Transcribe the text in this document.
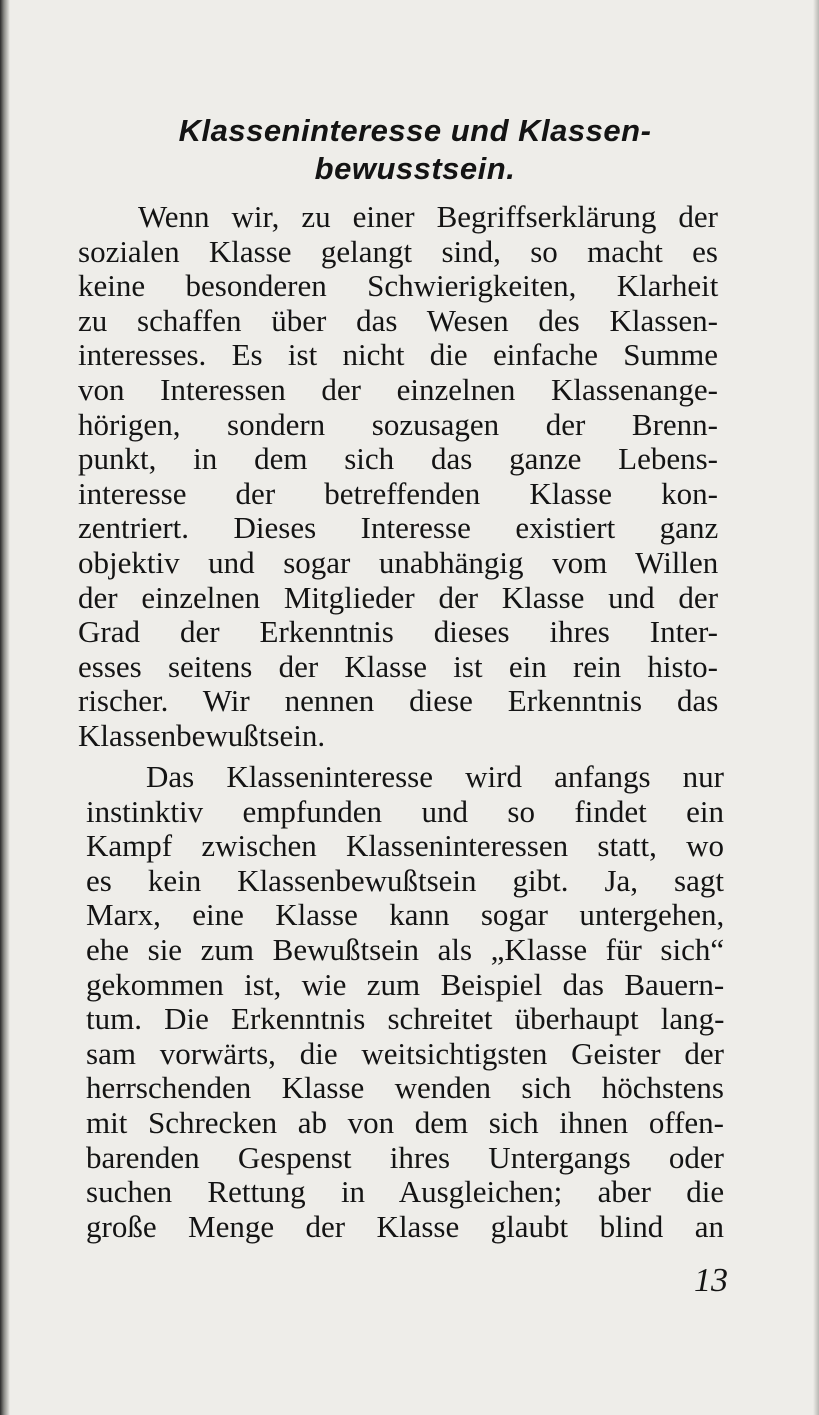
Klasseninteresse und Klassen-
bewusstsein.
Wenn wir, zu einer Begriffserklärung der
sozialen Klasse gelangt sind, so macht es
keine besonderen Schwierigkeiten, Klarheit
zu schaffen über das Wesen des Klassen-
interesses. Es ist nicht die einfache Summe
von Interessen der einzelnen Klassenange-
hörigen, sondern sozusagen der Brenn-
punkt, in dem sich das ganze Lebens-
interesse der betreffenden Klasse kon-
zentriert. Dieses Interesse existiert ganz
objektiv und sogar unabhängig vom Willen
der einzelnen Mitglieder der Klasse und der
Grad der Erkenntnis dieses ihres Inter-
esses seitens der Klasse ist ein rein histo-
rischer. Wir nennen diese Erkenntnis das
Klassenbewußtsein.
Das Klasseninteresse wird anfangs nur
instinktiv empfunden und so findet ein
Kampf zwischen Klasseninteressen statt, wo
es kein Klassenbewußtsein gibt. Ja, sagt
Marx, eine Klasse kann sogar untergehen,
ehe sie zum Bewußtsein als „Klasse für sich“
gekommen ist, wie zum Beispiel das Bauern-
tum. Die Erkenntnis schreitet überhaupt lang-
sam vorwärts, die weitsichtigsten Geister der
herrschenden Klasse wenden sich höchstens
mit Schrecken ab von dem sich ihnen offen-
barenden Gespenst ihres Untergangs oder
suchen Rettung in Ausgleichen; aber die
große Menge der Klasse glaubt blind an
13
